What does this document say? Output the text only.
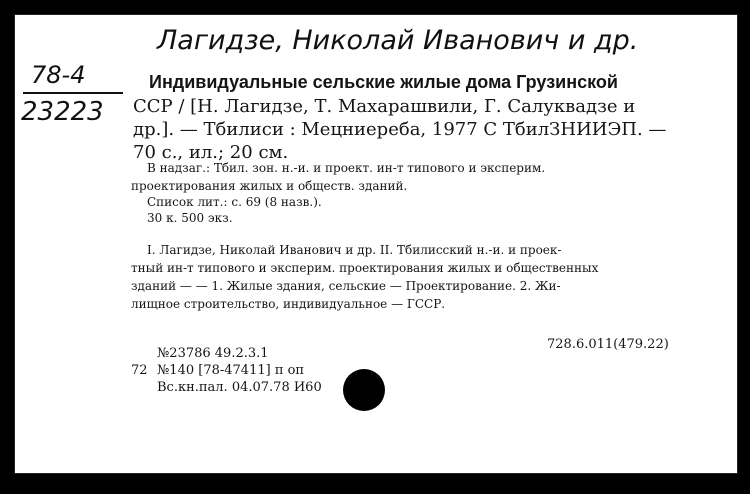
Лагидзе, Николай Иванович и др.
78-4
23223
Индивидуальные сельские жилые дома Грузинской
ССР / [Н. Лагидзе, Т. Махарашвили, Г. Салуквадзе и
др.]. — Тбилиси : Мецниереба, 1977 С ТбилЗНИИЭП. —
70 с., ил.; 20 см.
В надзаг.: Тбил. зон. н.-и. и проект. ин-т типового и эксперим.
проектирования жилых и обществ. зданий.
Список лит.: с. 69 (8 назв.).
30 к. 500 экз.
I. Лагидзе, Николай Иванович и др. II. Тбилисский н.-и. и проек-
тный ин-т типового и эксперим. проектирования жилых и общественных
зданий — — 1. Жилые здания, сельские — Проектирование. 2. Жи-
лищное строительство, индивидуальное — ГССР.
728.6.011(479.22)
№23786 49.2.3.1
72 №140 [78-47411] п оп
Вс.кн.пал. 04.07.78 И60
